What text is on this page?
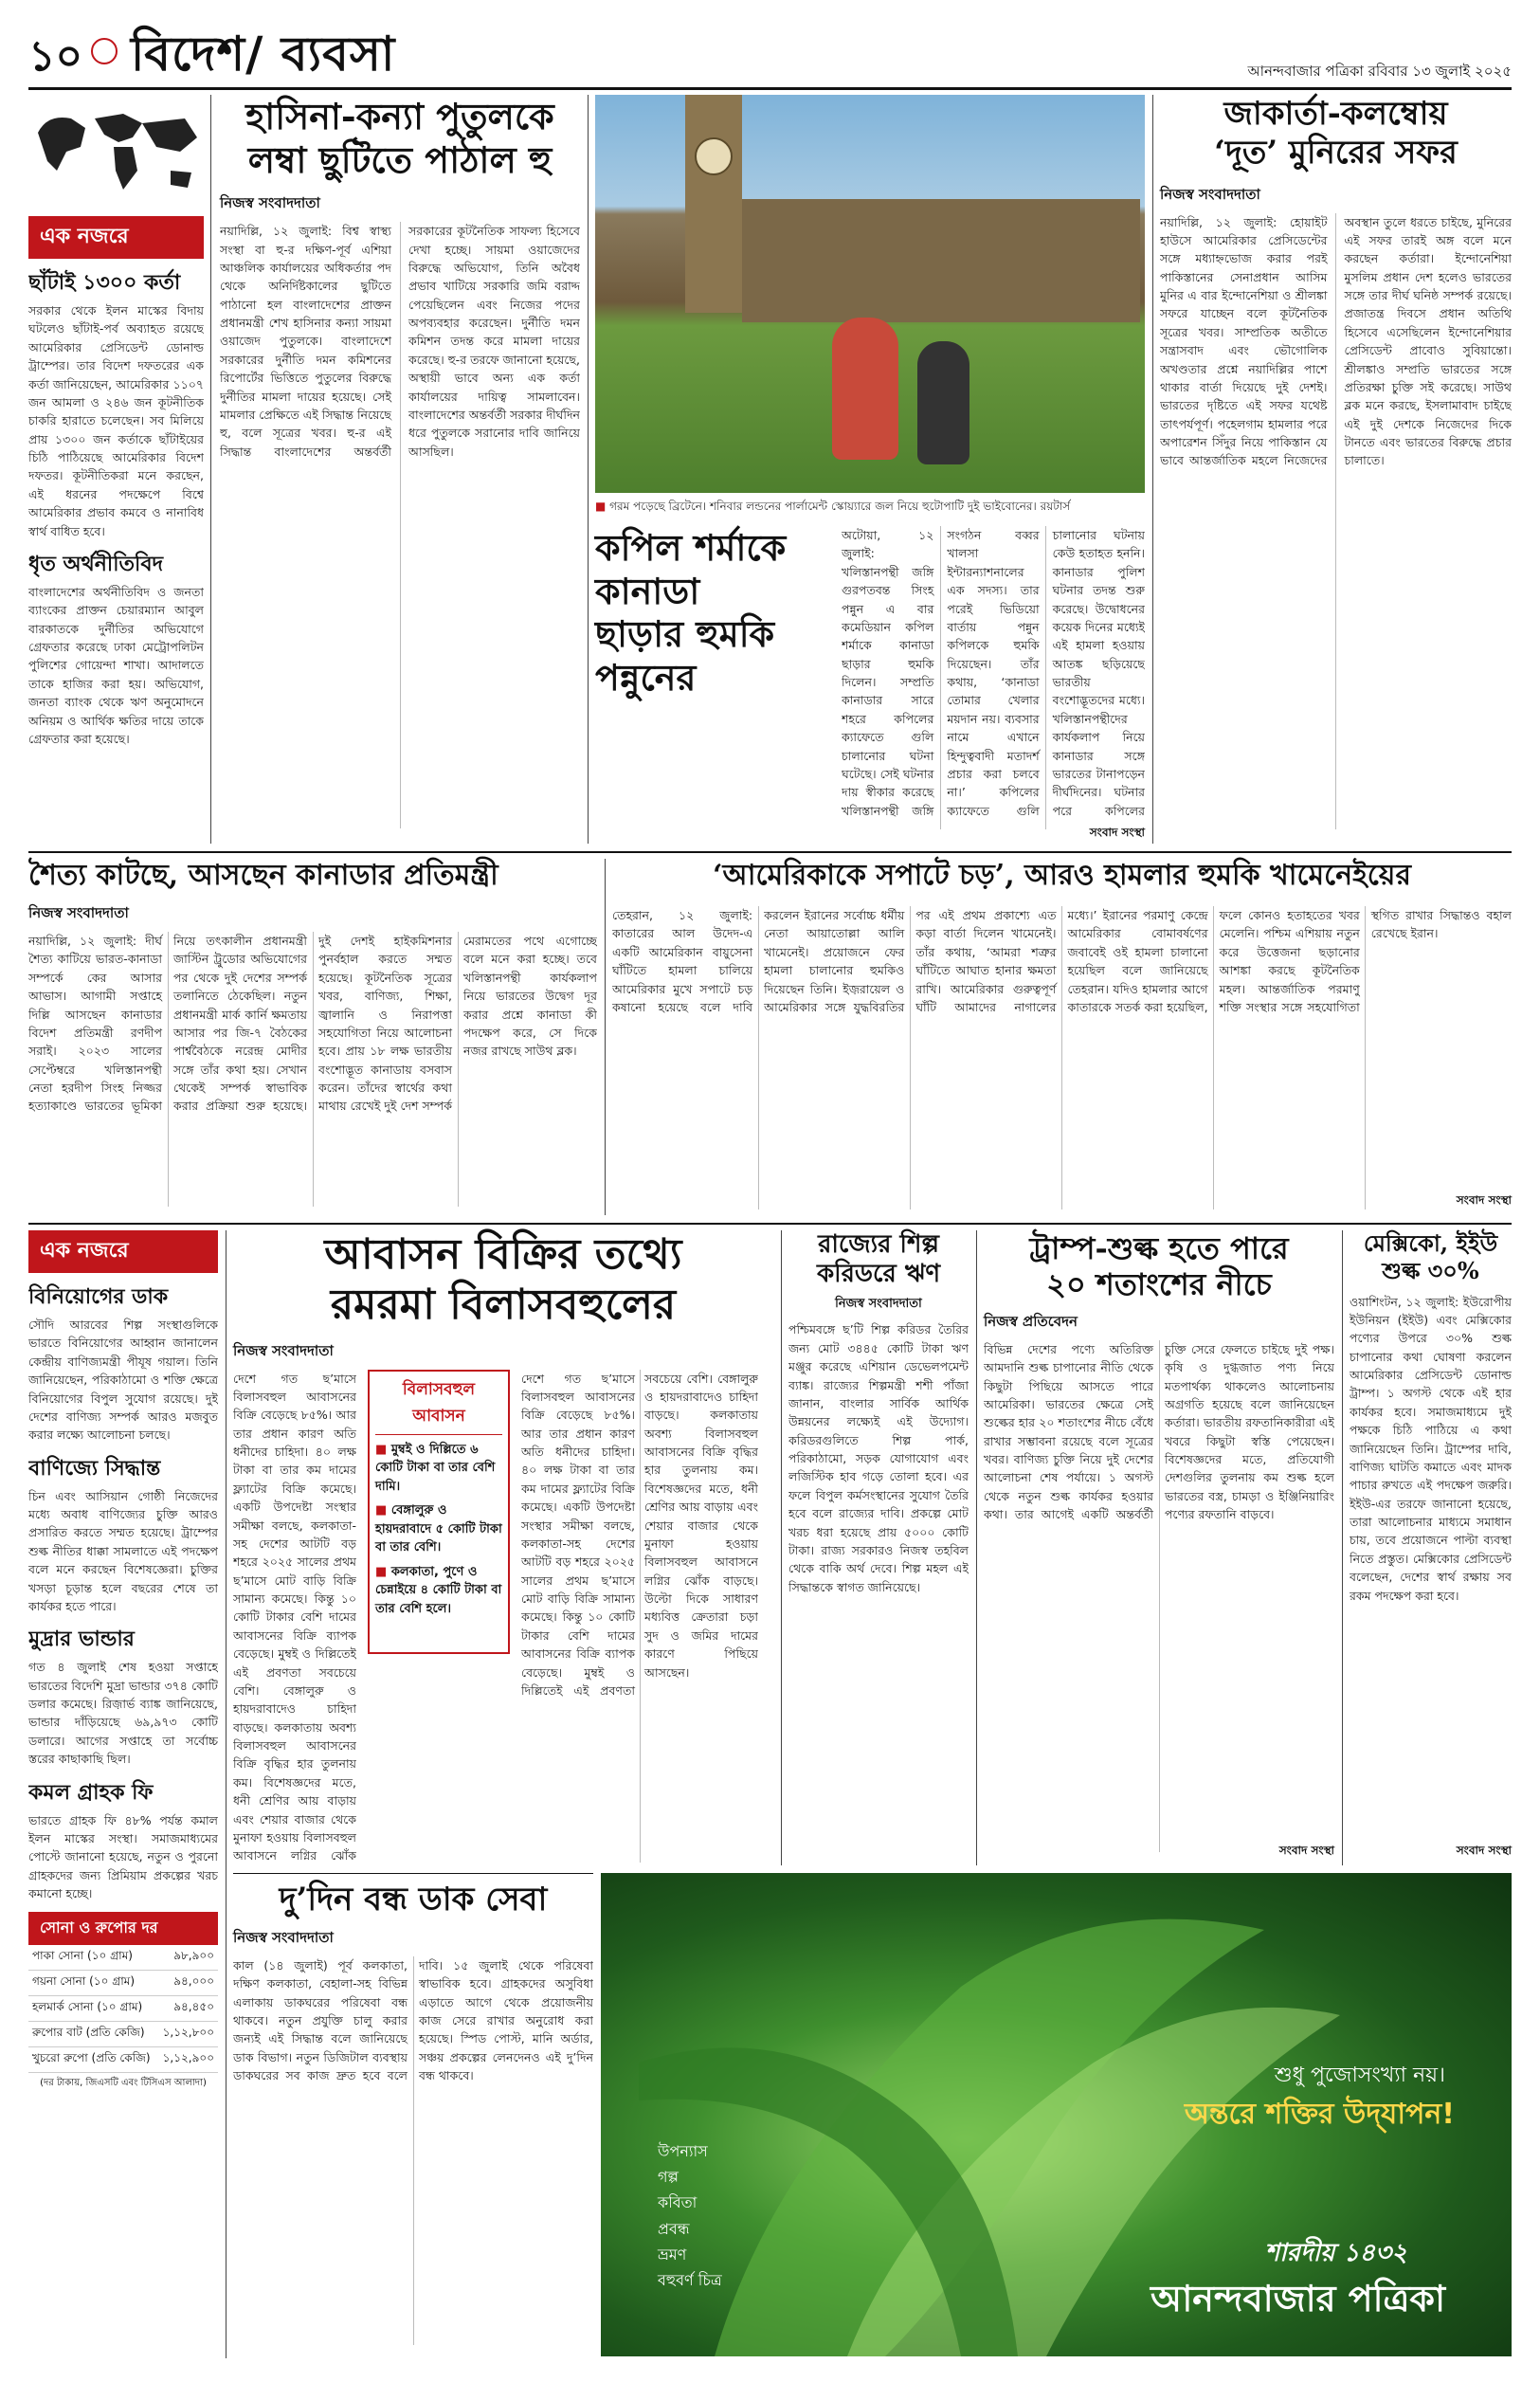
১০ বিদেশ/ ব্যবসা	আনন্দবাজার পত্রিকা রবিবার ১৩ জুলাই ২০২৫
এক নজরে
ছাঁটাই ১৩০০ কর্তা
সরকার থেকে ইলন মাস্কের বিদায় ঘটলেও ছাঁটাই-পর্ব অব্যাহত রয়েছে আমেরিকার প্রেসিডেন্ট ডোনাল্ড ট্রাম্পের। তার বিদেশ দফতরের এক কর্তা জানিয়েছেন, আমেরিকার ১১০৭ জন আমলা ও ২৪৬ জন কূটনীতিক চাকরি হারাতে চলেছেন। সব মিলিয়ে প্রায় ১৩০০ জন কর্তাকে ছাঁটাইয়ের চিঠি পাঠিয়েছে আমেরিকার বিদেশ দফতর। কূটনীতিকরা মনে করছেন, এই ধরনের পদক্ষেপে বিশ্বে আমেরিকার প্রভাব কমবে ও নানাবিধ স্বার্থ বাধিত হবে।
ধৃত অর্থনীতিবিদ
বাংলাদেশের অর্থনীতিবিদ ও জনতা ব্যাংকের প্রাক্তন চেয়ারম্যান আবুল বারকাতকে দুর্নীতির অভিযোগে গ্রেফতার করেছে ঢাকা মেট্রোপলিটন পুলিশের গোয়েন্দা শাখা। আদালতে তাকে হাজির করা হয়। অভিযোগ, জনতা ব্যাংক থেকে ঋণ অনুমোদনে অনিয়ম ও আর্থিক ক্ষতির দায়ে তাকে গ্রেফতার করা হয়েছে।
হাসিনা-কন্যা পুতুলকে
লম্বা ছুটিতে পাঠাল হু
নিজস্ব সংবাদদাতা
নয়াদিল্লি, ১২ জুলাই: বিশ্ব স্বাস্থ্য সংস্থা বা হু-র দক্ষিণ-পূর্ব এশিয়া আঞ্চলিক কার্যালয়ের অধিকর্তার পদ থেকে অনির্দিষ্টকালের ছুটিতে পাঠানো হল বাংলাদেশের প্রাক্তন প্রধানমন্ত্রী শেখ হাসিনার কন্যা সায়মা ওয়াজেদ পুতুলকে। বাংলাদেশে সরকারের দুর্নীতি দমন কমিশনের রিপোর্টের ভিত্তিতে পুতুলের বিরুদ্ধে দুর্নীতির মামলা দায়ের হয়েছে। সেই মামলার প্রেক্ষিতে এই সিদ্ধান্ত নিয়েছে হু, বলে সূত্রের খবর। হু-র এই সিদ্ধান্ত বাংলাদেশের অন্তর্বর্তী সরকারের কূটনৈতিক সাফল্য হিসেবে দেখা হচ্ছে। সায়মা ওয়াজেদের বিরুদ্ধে অভিযোগ, তিনি অবৈধ প্রভাব খাটিয়ে সরকারি জমি বরাদ্দ পেয়েছিলেন এবং নিজের পদের অপব্যবহার করেছেন। দুর্নীতি দমন কমিশন তদন্ত করে মামলা দায়ের করেছে। হু-র তরফে জানানো হয়েছে, অস্থায়ী ভাবে অন্য এক কর্তা কার্যালয়ের দায়িত্ব সামলাবেন। বাংলাদেশের অন্তর্বর্তী সরকার দীর্ঘদিন ধরে পুতুলকে সরানোর দাবি জানিয়ে আসছিল।
■ গরম পড়েছে ব্রিটেনে। শনিবার লন্ডনের পার্লামেন্ট স্কোয়্যারে জল নিয়ে হুটোপাটি দুই ভাইবোনের। রয়টার্স
কপিল শর্মাকে কানাডা
ছাড়ার হুমকি পন্নুনের
অটোয়া, ১২ জুলাই: খলিস্তানপন্থী জঙ্গি গুরপতবন্ত সিংহ পন্নুন এ বার কমেডিয়ান কপিল শর্মাকে কানাডা ছাড়ার হুমকি দিলেন। সম্প্রতি কানাডার সারে শহরে কপিলের ক্যাফেতে গুলি চালানোর ঘটনা ঘটেছে। সেই ঘটনার দায় স্বীকার করেছে খলিস্তানপন্থী জঙ্গি সংগঠন বব্বর খালসা ইন্টারন্যাশনালের এক সদস্য। তার পরেই ভিডিয়ো বার্তায় পন্নুন কপিলকে হুমকি দিয়েছেন। তাঁর কথায়, ‘কানাডা তোমার খেলার ময়দান নয়। ব্যবসার নামে এখানে হিন্দুত্ববাদী মতাদর্শ প্রচার করা চলবে না।’ কপিলের ক্যাফেতে গুলি চালানোর ঘটনায় কেউ হতাহত হননি। কানাডার পুলিশ ঘটনার তদন্ত শুরু করেছে। উদ্বোধনের কয়েক দিনের মধ্যেই এই হামলা হওয়ায় আতঙ্ক ছড়িয়েছে ভারতীয় বংশোদ্ভূতদের মধ্যে। খলিস্তানপন্থীদের কার্যকলাপ নিয়ে কানাডার সঙ্গে ভারতের টানাপড়েন দীর্ঘদিনের। ঘটনার পরে কপিলের
সংবাদ সংস্থা
জাকার্তা-কলম্বোয়
‘দূত’ মুনিরের সফর
নিজস্ব সংবাদদাতা
নয়াদিল্লি, ১২ জুলাই: হোয়াইট হাউসে আমেরিকার প্রেসিডেন্টের সঙ্গে মধ্যাহ্নভোজ করার পরই পাকিস্তানের সেনাপ্রধান আসিম মুনির এ বার ইন্দোনেশিয়া ও শ্রীলঙ্কা সফরে যাচ্ছেন বলে কূটনৈতিক সূত্রের খবর। সাম্প্রতিক অতীতে সন্ত্রাসবাদ এবং ভৌগোলিক অখণ্ডতার প্রশ্নে নয়াদিল্লির পাশে থাকার বার্তা দিয়েছে দুই দেশই। ভারতের দৃষ্টিতে এই সফর যথেষ্ট তাৎপর্যপূর্ণ। পহেলগাম হামলার পরে অপারেশন সিঁদুর নিয়ে পাকিস্তান যে ভাবে আন্তর্জাতিক মহলে নিজেদের অবস্থান তুলে ধরতে চাইছে, মুনিরের এই সফর তারই অঙ্গ বলে মনে করছেন কর্তারা। ইন্দোনেশিয়া মুসলিম প্রধান দেশ হলেও ভারতের সঙ্গে তার দীর্ঘ ঘনিষ্ঠ সম্পর্ক রয়েছে। প্রজাতন্ত্র দিবসে প্রধান অতিথি হিসেবে এসেছিলেন ইন্দোনেশিয়ার প্রেসিডেন্ট প্রাবোও সুবিয়ান্তো। শ্রীলঙ্কাও সম্প্রতি ভারতের সঙ্গে প্রতিরক্ষা চুক্তি সই করেছে। সাউথ ব্লক মনে করছে, ইসলামাবাদ চাইছে এই দুই দেশকে নিজেদের দিকে টানতে এবং ভারতের বিরুদ্ধে প্রচার চালাতে।
শৈত্য কাটছে, আসছেন কানাডার প্রতিমন্ত্রী
নিজস্ব সংবাদদাতা
নয়াদিল্লি, ১২ জুলাই: দীর্ঘ শৈত্য কাটিয়ে ভারত-কানাডা সম্পর্কে কের আসার আভাস। আগামী সপ্তাহে দিল্লি আসছেন কানাডার বিদেশ প্রতিমন্ত্রী রণদীপ সরাই। ২০২৩ সালের সেপ্টেম্বরে খলিস্তানপন্থী নেতা হরদীপ সিংহ নিজ্জর হত্যাকাণ্ডে ভারতের ভূমিকা নিয়ে তৎকালীন প্রধানমন্ত্রী জাস্টিন ট্রুডোর অভিযোগের পর থেকে দুই দেশের সম্পর্ক তলানিতে ঠেকেছিল। নতুন প্রধানমন্ত্রী মার্ক কার্নি ক্ষমতায় আসার পর জি-৭ বৈঠকের পার্শ্ববৈঠকে নরেন্দ্র মোদীর সঙ্গে তাঁর কথা হয়। সেখান থেকেই সম্পর্ক স্বাভাবিক করার প্রক্রিয়া শুরু হয়েছে। দুই দেশই হাইকমিশনার পুনর্বহাল করতে সম্মত হয়েছে। কূটনৈতিক সূত্রের খবর, বাণিজ্য, শিক্ষা, জ্বালানি ও নিরাপত্তা সহযোগিতা নিয়ে আলোচনা হবে। প্রায় ১৮ লক্ষ ভারতীয় বংশোদ্ভূত কানাডায় বসবাস করেন। তাঁদের স্বার্থের কথা মাথায় রেখেই দুই দেশ সম্পর্ক মেরামতের পথে এগোচ্ছে বলে মনে করা হচ্ছে। তবে খলিস্তানপন্থী কার্যকলাপ নিয়ে ভারতের উদ্বেগ দূর করার প্রশ্নে কানাডা কী পদক্ষেপ করে, সে দিকে নজর রাখছে সাউথ ব্লক।
‘আমেরিকাকে সপাটে চড়’, আরও হামলার হুমকি খামেনেইয়ের
তেহরান, ১২ জুলাই: কাতারের আল উদেদ-এ একটি আমেরিকান বায়ুসেনা ঘাঁটিতে হামলা চালিয়ে আমেরিকার মুখে সপাটে চড় কষানো হয়েছে বলে দাবি করলেন ইরানের সর্বোচ্চ ধর্মীয় নেতা আয়াতোল্লা আলি খামেনেই। প্রয়োজনে ফের হামলা চালানোর হুমকিও দিয়েছেন তিনি। ইজ়রায়েল ও আমেরিকার সঙ্গে যুদ্ধবিরতির পর এই প্রথম প্রকাশ্যে এত কড়া বার্তা দিলেন খামেনেই। তাঁর কথায়, ‘আমরা শত্রুর ঘাঁটিতে আঘাত হানার ক্ষমতা রাখি। আমেরিকার গুরুত্বপূর্ণ ঘাঁটি আমাদের নাগালের মধ্যে।’ ইরানের পরমাণু কেন্দ্রে আমেরিকার বোমাবর্ষণের জবাবেই ওই হামলা চালানো হয়েছিল বলে জানিয়েছে তেহরান। যদিও হামলার আগে কাতারকে সতর্ক করা হয়েছিল, ফলে কোনও হতাহতের খবর মেলেনি। পশ্চিম এশিয়ায় নতুন করে উত্তেজনা ছড়ানোর আশঙ্কা করছে কূটনৈতিক মহল। আন্তর্জাতিক পরমাণু শক্তি সংস্থার সঙ্গে সহযোগিতা স্থগিত রাখার সিদ্ধান্তও বহাল রেখেছে ইরান।
সংবাদ সংস্থা
এক নজরে
বিনিয়োগের ডাক
সৌদি আরবের শিল্প সংস্থাগুলিকে ভারতে বিনিয়োগের আহ্বান জানালেন কেন্দ্রীয় বাণিজ্যমন্ত্রী পীযূষ গয়াল। তিনি জানিয়েছেন, পরিকাঠামো ও শক্তি ক্ষেত্রে বিনিয়োগের বিপুল সুযোগ রয়েছে। দুই দেশের বাণিজ্য সম্পর্ক আরও মজবুত করার লক্ষ্যে আলোচনা চলছে।
বাণিজ্যে সিদ্ধান্ত
চিন এবং আসিয়ান গোষ্ঠী নিজেদের মধ্যে অবাধ বাণিজ্যের চুক্তি আরও প্রসারিত করতে সম্মত হয়েছে। ট্রাম্পের শুল্ক নীতির ধাক্কা সামলাতে এই পদক্ষেপ বলে মনে করছেন বিশেষজ্ঞেরা। চুক্তির খসড়া চূড়ান্ত হলে বছরের শেষে তা কার্যকর হতে পারে।
মুদ্রার ভান্ডার
গত ৪ জুলাই শেষ হওয়া সপ্তাহে ভারতের বিদেশি মুদ্রা ভান্ডার ৩৭৪ কোটি ডলার কমেছে। রিজ়ার্ভ ব্যাঙ্ক জানিয়েছে, ভান্ডার দাঁড়িয়েছে ৬৯,৯৭৩ কোটি ডলারে। আগের সপ্তাহে তা সর্বোচ্চ স্তরের কাছাকাছি ছিল।
কমল গ্রাহক ফি
ভারতে গ্রাহক ফি ৪৮% পর্যন্ত কমাল ইলন মাস্কের সংস্থা। সমাজমাধ্যমের পোস্টে জানানো হয়েছে, নতুন ও পুরনো গ্রাহকদের জন্য প্রিমিয়াম প্রকল্পের খরচ কমানো হচ্ছে।
সোনা ও রুপোর দর
পাকা সোনা (১০ গ্রাম)	৯৮,৯০০
গয়না সোনা (১০ গ্রাম)	৯৪,০০০
হলমার্ক সোনা (১০ গ্রাম)	৯৪,৪৫০
রুপোর বাট (প্রতি কেজি)	১,১২,৮০০
খুচরো রুপো (প্রতি কেজি)	১,১২,৯০০
(দর টাকায়, জিএসটি এবং টিসিএস আলাদা)
আবাসন বিক্রির তথ্যে
রমরমা বিলাসবহুলের
নিজস্ব সংবাদদাতা
দেশে গত ছ’মাসে বিলাসবহুল আবাসনের বিক্রি বেড়েছে ৮৫%। আর তার প্রধান কারণ অতি ধনীদের চাহিদা। ৪০ লক্ষ টাকা বা তার কম দামের ফ্ল্যাটের বিক্রি কমেছে। একটি উপদেষ্টা সংস্থার সমীক্ষা বলছে, কলকাতা-সহ দেশের আটটি বড় শহরে ২০২৫ সালের প্রথম ছ’মাসে মোট বাড়ি বিক্রি সামান্য কমেছে। কিন্তু ১০ কোটি টাকার বেশি দামের আবাসনের বিক্রি ব্যাপক বেড়েছে। মুম্বই ও দিল্লিতেই এই প্রবণতা সবচেয়ে বেশি। বেঙ্গালুরু ও হায়দরাবাদেও চাহিদা বাড়ছে। কলকাতায় অবশ্য বিলাসবহুল আবাসনের বিক্রি বৃদ্ধির হার তুলনায় কম। বিশেষজ্ঞদের মতে, ধনী শ্রেণির আয় বাড়ায় এবং শেয়ার বাজার থেকে মুনাফা হওয়ায় বিলাসবহুল আবাসনে লগ্নির ঝোঁক
বিলাসবহুল আবাসন
■ মুম্বই ও দিল্লিতে ৬ কোটি টাকা বা তার বেশি দামি।
■ বেঙ্গালুরু ও হায়দরাবাদে ৫ কোটি টাকা বা তার বেশি।
■ কলকাতা, পুণে ও চেন্নাইয়ে ৪ কোটি টাকা বা তার বেশি হলে।
দেশে গত ছ’মাসে বিলাসবহুল আবাসনের বিক্রি বেড়েছে ৮৫%। আর তার প্রধান কারণ অতি ধনীদের চাহিদা। ৪০ লক্ষ টাকা বা তার কম দামের ফ্ল্যাটের বিক্রি কমেছে। একটি উপদেষ্টা সংস্থার সমীক্ষা বলছে, কলকাতা-সহ দেশের আটটি বড় শহরে ২০২৫ সালের প্রথম ছ’মাসে মোট বাড়ি বিক্রি সামান্য কমেছে। কিন্তু ১০ কোটি টাকার বেশি দামের আবাসনের বিক্রি ব্যাপক বেড়েছে। মুম্বই ও দিল্লিতেই এই প্রবণতা সবচেয়ে বেশি। বেঙ্গালুরু ও হায়দরাবাদেও চাহিদা বাড়ছে। কলকাতায় অবশ্য বিলাসবহুল আবাসনের বিক্রি বৃদ্ধির হার তুলনায় কম। বিশেষজ্ঞদের মতে, ধনী শ্রেণির আয় বাড়ায় এবং শেয়ার বাজার থেকে মুনাফা হওয়ায় বিলাসবহুল আবাসনে লগ্নির ঝোঁক বাড়ছে। উল্টো দিকে সাধারণ মধ্যবিত্ত ক্রেতারা চড়া সুদ ও জমির দামের কারণে পিছিয়ে আসছেন।
রাজ্যের শিল্প
করিডরে ঋণ
নিজস্ব সংবাদদাতা
পশ্চিমবঙ্গে ছ’টি শিল্প করিডর তৈরির জন্য মোট ৩৪৪৫ কোটি টাকা ঋণ মঞ্জুর করেছে এশিয়ান ডেভেলপমেন্ট ব্যাঙ্ক। রাজ্যের শিল্পমন্ত্রী শশী পাঁজা জানান, বাংলার সার্বিক আর্থিক উন্নয়নের লক্ষ্যেই এই উদ্যোগ। করিডরগুলিতে শিল্প পার্ক, পরিকাঠামো, সড়ক যোগাযোগ এবং লজিস্টিক হাব গড়ে তোলা হবে। এর ফলে বিপুল কর্মসংস্থানের সুযোগ তৈরি হবে বলে রাজ্যের দাবি। প্রকল্পে মোট খরচ ধরা হয়েছে প্রায় ৫০০০ কোটি টাকা। রাজ্য সরকারও নিজস্ব তহবিল থেকে বাকি অর্থ দেবে। শিল্প মহল এই সিদ্ধান্তকে স্বাগত জানিয়েছে।
ট্রাম্প-শুল্ক হতে পারে
২০ শতাংশের নীচে
নিজস্ব প্রতিবেদন
বিভিন্ন দেশের পণ্যে অতিরিক্ত আমদানি শুল্ক চাপানোর নীতি থেকে কিছুটা পিছিয়ে আসতে পারে আমেরিকা। ভারতের ক্ষেত্রে সেই শুল্কের হার ২০ শতাংশের নীচে বেঁধে রাখার সম্ভাবনা রয়েছে বলে সূত্রের খবর। বাণিজ্য চুক্তি নিয়ে দুই দেশের আলোচনা শেষ পর্যায়ে। ১ অগস্ট থেকে নতুন শুল্ক কার্যকর হওয়ার কথা। তার আগেই একটি অন্তর্বর্তী চুক্তি সেরে ফেলতে চাইছে দুই পক্ষ। কৃষি ও দুগ্ধজাত পণ্য নিয়ে মতপার্থক্য থাকলেও আলোচনায় অগ্রগতি হয়েছে বলে জানিয়েছেন কর্তারা। ভারতীয় রফতানিকারীরা এই খবরে কিছুটা স্বস্তি পেয়েছেন। বিশেষজ্ঞদের মতে, প্রতিযোগী দেশগুলির তুলনায় কম শুল্ক হলে ভারতের বস্ত্র, চামড়া ও ইঞ্জিনিয়ারিং পণ্যের রফতানি বাড়বে।
সংবাদ সংস্থা
মেক্সিকো, ইইউ
শুল্ক ৩০%
ওয়াশিংটন, ১২ জুলাই: ইউরোপীয় ইউনিয়ন (ইইউ) এবং মেক্সিকোর পণ্যের উপরে ৩০% শুল্ক চাপানোর কথা ঘোষণা করলেন আমেরিকার প্রেসিডেন্ট ডোনাল্ড ট্রাম্প। ১ অগস্ট থেকে এই হার কার্যকর হবে। সমাজমাধ্যমে দুই পক্ষকে চিঠি পাঠিয়ে এ কথা জানিয়েছেন তিনি। ট্রাম্পের দাবি, বাণিজ্য ঘাটতি কমাতে এবং মাদক পাচার রুখতে এই পদক্ষেপ জরুরি। ইইউ-এর তরফে জানানো হয়েছে, তারা আলোচনার মাধ্যমে সমাধান চায়, তবে প্রয়োজনে পাল্টা ব্যবস্থা নিতে প্রস্তুত। মেক্সিকোর প্রেসিডেন্ট বলেছেন, দেশের স্বার্থ রক্ষায় সব রকম পদক্ষেপ করা হবে।
সংবাদ সংস্থা
দু’দিন বন্ধ ডাক সেবা
নিজস্ব সংবাদদাতা
কাল (১৪ জুলাই) পূর্ব কলকাতা, দক্ষিণ কলকাতা, বেহালা-সহ বিভিন্ন এলাকায় ডাকঘরের পরিষেবা বন্ধ থাকবে। নতুন প্রযুক্তি চালু করার জন্যই এই সিদ্ধান্ত বলে জানিয়েছে ডাক বিভাগ। নতুন ডিজিটাল ব্যবস্থায় ডাকঘরের সব কাজ দ্রুত হবে বলে দাবি। ১৫ জুলাই থেকে পরিষেবা স্বাভাবিক হবে। গ্রাহকদের অসুবিধা এড়াতে আগে থেকে প্রয়োজনীয় কাজ সেরে রাখার অনুরোধ করা হয়েছে। স্পিড পোস্ট, মানি অর্ডার, সঞ্চয় প্রকল্পের লেনদেনও এই দু’দিন বন্ধ থাকবে।	শুধু পুজোসংখ্যা নয়।
অন্তরে শক্তির উদ্‌যাপন!
উপন্যাস
গল্প
কবিতা
প্রবন্ধ
ভ্রমণ
বহুবর্ণ চিত্র
শারদীয় ১৪৩২
আনন্দবাজার পত্রিকা
